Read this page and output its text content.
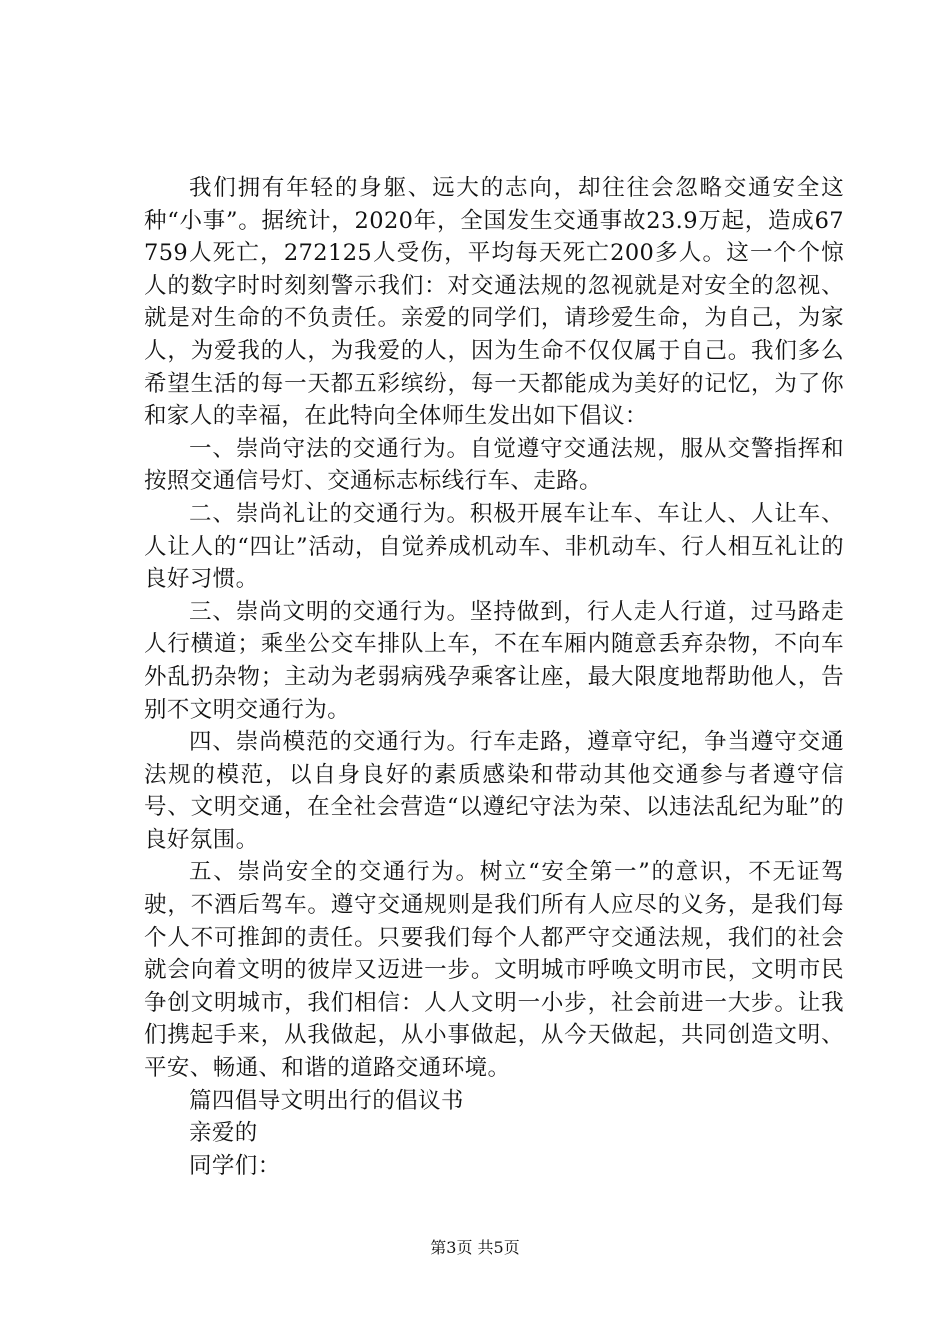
我们拥有年轻的身躯、远大的志向，却往往会忽略交通安全这种“小事”。据统计，2020年，全国发生交通事故23.9万起，造成67759人死亡，272125人受伤，平均每天死亡200多人。这一个个惊人的数字时时刻刻警示我们：对交通法规的忽视就是对安全的忽视、就是对生命的不负责任。亲爱的同学们，请珍爱生命，为自己，为家人，为爱我的人，为我爱的人，因为生命不仅仅属于自己。我们多么希望生活的每一天都五彩缤纷，每一天都能成为美好的记忆，为了你和家人的幸福，在此特向全体师生发出如下倡议：

一、崇尚守法的交通行为。自觉遵守交通法规，服从交警指挥和按照交通信号灯、交通标志标线行车、走路。

二、崇尚礼让的交通行为。积极开展车让车、车让人、人让车、人让人的“四让”活动，自觉养成机动车、非机动车、行人相互礼让的良好习惯。

三、崇尚文明的交通行为。坚持做到，行人走人行道，过马路走人行横道；乘坐公交车排队上车，不在车厢内随意丢弃杂物，不向车外乱扔杂物；主动为老弱病残孕乘客让座，最大限度地帮助他人，告别不文明交通行为。

四、崇尚模范的交通行为。行车走路，遵章守纪，争当遵守交通法规的模范，以自身良好的素质感染和带动其他交通参与者遵守信号、文明交通，在全社会营造“以遵纪守法为荣、以违法乱纪为耻”的良好氛围。

五、崇尚安全的交通行为。树立“安全第一”的意识，不无证驾驶，不酒后驾车。遵守交通规则是我们所有人应尽的义务，是我们每个人不可推卸的责任。只要我们每个人都严守交通法规，我们的社会就会向着文明的彼岸又迈进一步。文明城市呼唤文明市民，文明市民争创文明城市，我们相信：人人文明一小步，社会前进一大步。让我们携起手来，从我做起，从小事做起，从今天做起，共同创造文明、平安、畅通、和谐的道路交通环境。

篇四倡导文明出行的倡议书

亲爱的

同学们：

第3页 共5页
